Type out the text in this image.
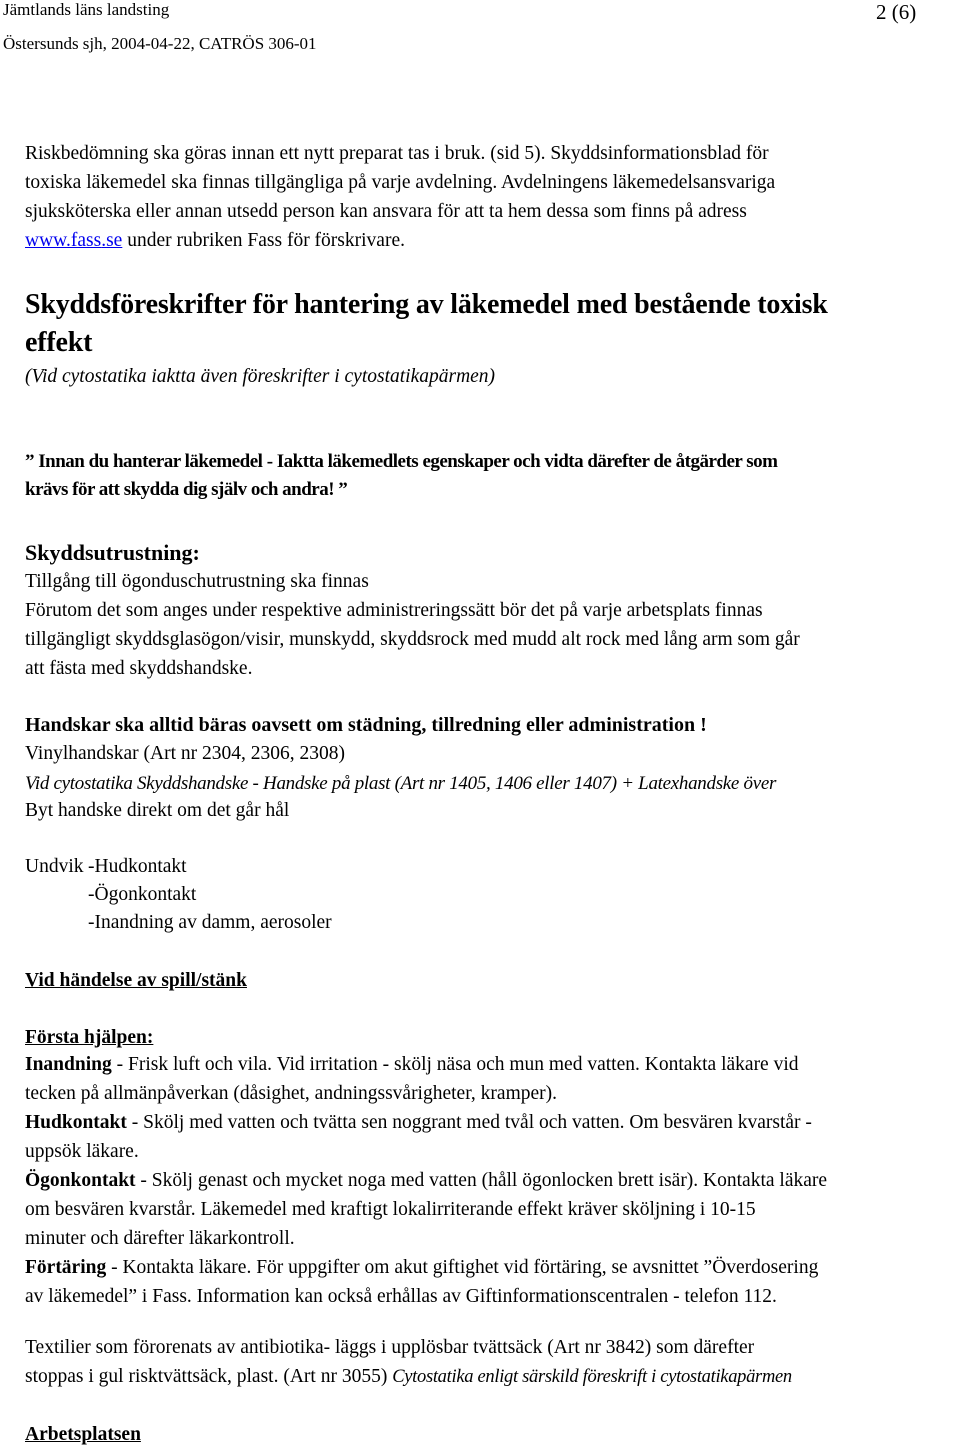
Jämtlands läns landsting	2 (6)
Östersunds sjh, 2004-04-22, CATRÖS 306-01
Riskbedömning ska göras innan ett nytt preparat tas i bruk. (sid 5). Skyddsinformationsblad för
toxiska läkemedel ska finnas tillgängliga på varje avdelning. Avdelningens läkemedelsansvariga
sjuksköterska eller annan utsedd person kan ansvara för att ta hem dessa som finns på adress
www.fass.se under rubriken Fass för förskrivare.
Skyddsföreskrifter för hantering av läkemedel med bestående toxisk
effekt
(Vid cytostatika iaktta även föreskrifter i cytostatikapärmen)
” Innan du hanterar läkemedel - Iaktta läkemedlets egenskaper och vidta därefter de åtgärder som
krävs för att skydda dig själv och andra! ”
Skyddsutrustning:
Tillgång till ögonduschutrustning ska finnas
Förutom det som anges under respektive administreringssätt bör det på varje arbetsplats finnas
tillgängligt skyddsglasögon/visir, munskydd, skyddsrock med mudd alt rock med lång arm som går
att fästa med skyddshandske.
Handskar ska alltid bäras oavsett om städning, tillredning eller administration !
Vinylhandskar (Art nr 2304, 2306, 2308)
Vid cytostatika Skyddshandske - Handske på plast (Art nr 1405, 1406 eller 1407) + Latexhandske över
Byt handske direkt om det går hål
Undvik -Hudkontakt
-Ögonkontakt
-Inandning av damm, aerosoler
Vid händelse av spill/stänk
Första hjälpen:
Inandning - Frisk luft och vila. Vid irritation - skölj näsa och mun med vatten. Kontakta läkare vid
tecken på allmänpåverkan (dåsighet, andningssvårigheter, kramper).
Hudkontakt - Skölj med vatten och tvätta sen noggrant med tvål och vatten. Om besvären kvarstår -
uppsök läkare.
Ögonkontakt - Skölj genast och mycket noga med vatten (håll ögonlocken brett isär). Kontakta läkare
om besvären kvarstår. Läkemedel med kraftigt lokalirriterande effekt kräver sköljning i 10-15
minuter och därefter läkarkontroll.
Förtäring - Kontakta läkare. För uppgifter om akut giftighet vid förtäring, se avsnittet ”Överdosering
av läkemedel” i Fass. Information kan också erhållas av Giftinformationscentralen - telefon 112.
Textilier som förorenats av antibiotika- läggs i upplösbar tvättsäck (Art nr 3842) som därefter
stoppas i gul risktvättsäck, plast. (Art nr 3055) Cytostatika enligt särskild föreskrift i cytostatikapärmen
Arbetsplatsen
